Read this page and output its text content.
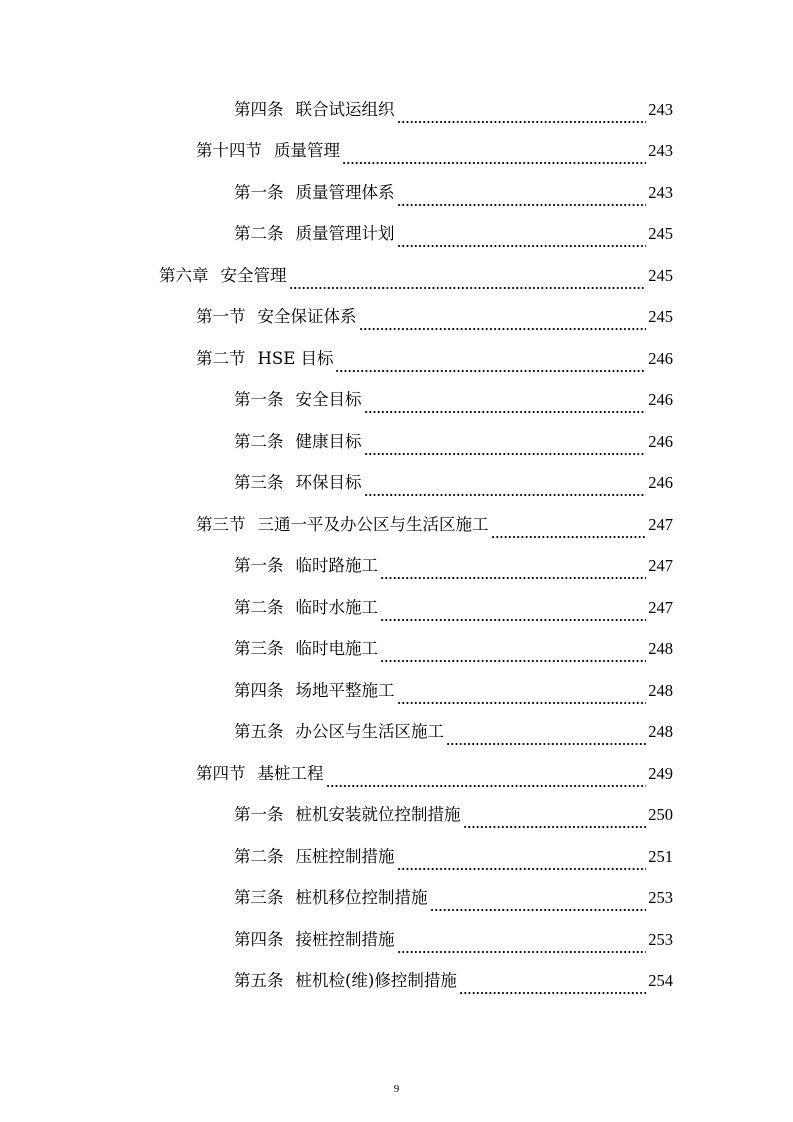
第四条 联合试运组织	243
第十四节 质量管理	243
第一条 质量管理体系	243
第二条 质量管理计划	245
第六章 安全管理	245
第一节 安全保证体系	245
第二节 HSE 目标	246
第一条 安全目标	246
第二条 健康目标	246
第三条 环保目标	246
第三节 三通一平及办公区与生活区施工	247
第一条 临时路施工	247
第二条 临时水施工	247
第三条 临时电施工	248
第四条 场地平整施工	248
第五条 办公区与生活区施工	248
第四节 基桩工程	249
第一条 桩机安装就位控制措施	250
第二条 压桩控制措施	251
第三条 桩机移位控制措施	253
第四条 接桩控制措施	253
第五条 桩机检(维)修控制措施	254
9
